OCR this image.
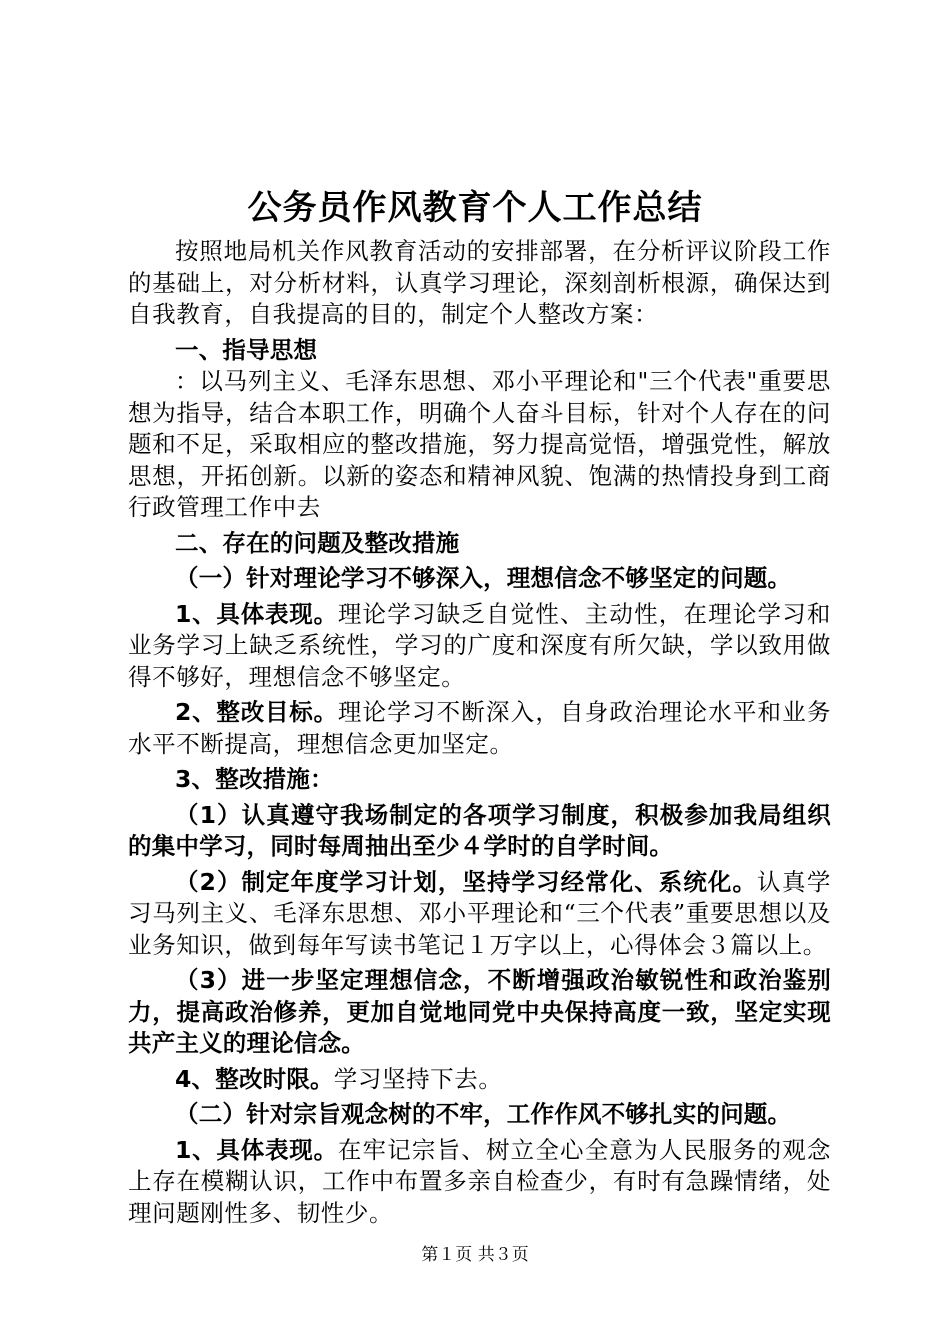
公务员作风教育个人工作总结

按照地局机关作风教育活动的安排部署，在分析评议阶段工作的基础上，对分析材料，认真学习理论，深刻剖析根源，确保达到自我教育，自我提高的目的，制定个人整改方案：

一、指导思想

：以马列主义、毛泽东思想、邓小平理论和"三个代表"重要思想为指导，结合本职工作，明确个人奋斗目标，针对个人存在的问题和不足，采取相应的整改措施，努力提高觉悟，增强党性，解放思想，开拓创新。以新的姿态和精神风貌、饱满的热情投身到工商行政管理工作中去

二、存在的问题及整改措施

（一）针对理论学习不够深入，理想信念不够坚定的问题。

1、具体表现。理论学习缺乏自觉性、主动性，在理论学习和业务学习上缺乏系统性，学习的广度和深度有所欠缺，学以致用做得不够好，理想信念不够坚定。

2、整改目标。理论学习不断深入，自身政治理论水平和业务水平不断提高，理想信念更加坚定。

3、整改措施：

（1）认真遵守我场制定的各项学习制度，积极参加我局组织的集中学习，同时每周抽出至少４学时的自学时间。

（2）制定年度学习计划，坚持学习经常化、系统化。认真学习马列主义、毛泽东思想、邓小平理论和“三个代表”重要思想以及业务知识，做到每年写读书笔记１万字以上，心得体会３篇以上。

（3）进一步坚定理想信念，不断增强政治敏锐性和政治鉴别力，提高政治修养，更加自觉地同党中央保持高度一致，坚定实现共产主义的理论信念。

4、整改时限。学习坚持下去。

（二）针对宗旨观念树的不牢，工作作风不够扎实的问题。

1、具体表现。在牢记宗旨、树立全心全意为人民服务的观念上存在模糊认识，工作中布置多亲自检查少，有时有急躁情绪，处理问题刚性多、韧性少。

第１页 共３页
